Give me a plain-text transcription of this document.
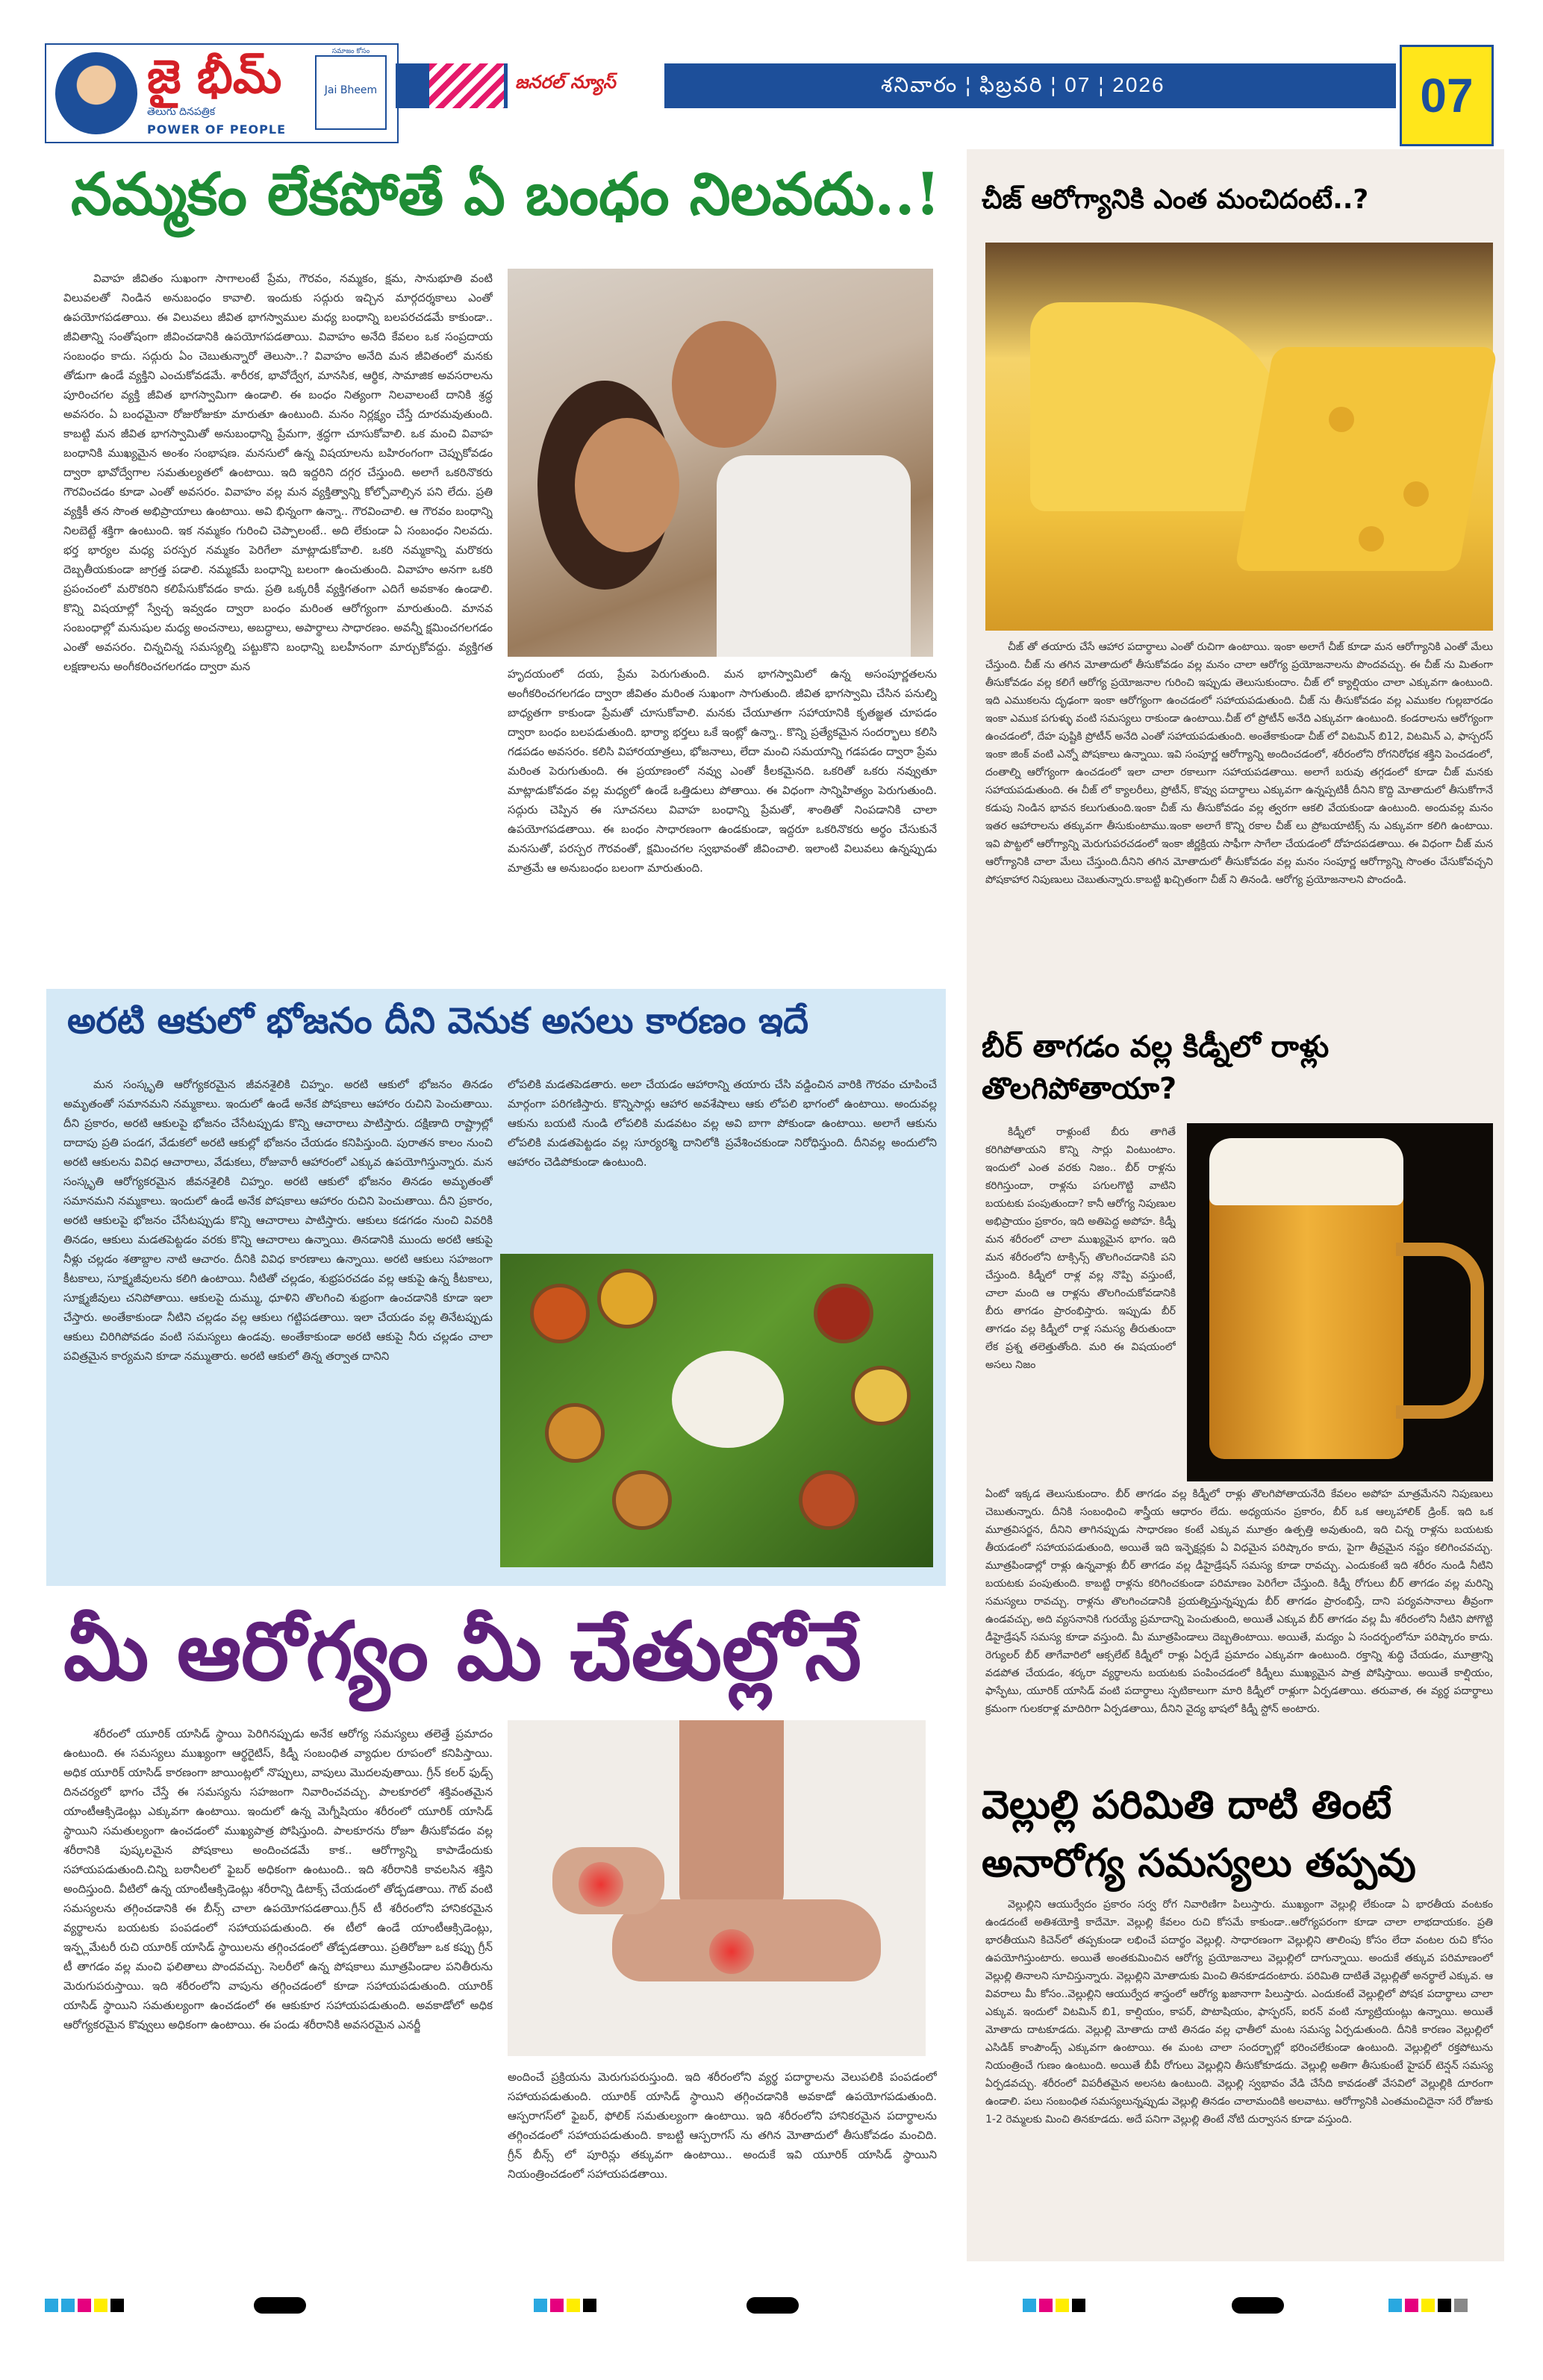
జై భీమ్
తెలుగు దినపత్రిక
POWER OF PEOPLE
సమాజం కోసం
Jai Bheem	జనరల్ న్యూస్	శనివారం ¦ ఫిబ్రవరి ¦ 07 ¦ 2026	07
నమ్మకం లేకపోతే ఏ బంధం నిలవదు..!
వివాహ జీవితం సుఖంగా సాగాలంటే ప్రేమ, గౌరవం, నమ్మకం, క్షమ, సానుభూతి వంటి విలువలతో నిండిన అనుబంధం కావాలి. ఇందుకు సద్గురు ఇచ్చిన మార్గదర్శకాలు ఎంతో ఉపయోగపడతాయి. ఈ విలువలు జీవిత భాగస్వాముల మధ్య బంధాన్ని బలపరచడమే కాకుండా.. జీవితాన్ని సంతోషంగా జీవించడానికి ఉపయోగపడతాయి. వివాహం అనేది కేవలం ఒక సంప్రదాయ సంబంధం కాదు. సద్గురు ఏం చెబుతున్నారో తెలుసా..? వివాహం అనేది మన జీవితంలో మనకు తోడుగా ఉండే వ్యక్తిని ఎంచుకోవడమే. శారీరక, భావోద్వేగ, మానసిక, ఆర్థిక, సామాజిక అవసరాలను పూరించగల వ్యక్తి జీవిత భాగస్వామిగా ఉండాలి. ఈ బంధం నిత్యంగా నిలవాలంటే దానికి శ్రద్ధ అవసరం. ఏ బంధమైనా రోజురోజుకూ మారుతూ ఉంటుంది. మనం నిర్లక్ష్యం చేస్తే దూరమవుతుంది. కాబట్టి మన జీవిత భాగస్వామితో అనుబంధాన్ని ప్రేమగా, శ్రద్ధగా చూసుకోవాలి. ఒక మంచి వివాహ బంధానికి ముఖ్యమైన అంశం సంభాషణ. మనసులో ఉన్న విషయాలను బహిరంగంగా చెప్పుకోవడం ద్వారా భావోద్వేగాల సమతుల్యతలో ఉంటాయి. ఇది ఇద్దరిని దగ్గర చేస్తుంది. అలాగే ఒకరినొకరు గౌరవించడం కూడా ఎంతో అవసరం. వివాహం వల్ల మన వ్యక్తిత్వాన్ని కోల్పోవాల్సిన పని లేదు. ప్రతి వ్యక్తికీ తన సొంత అభిప్రాయాలు ఉంటాయి. అవి భిన్నంగా ఉన్నా.. గౌరవించాలి. ఆ గౌరవం బంధాన్ని నిలబెట్టే శక్తిగా ఉంటుంది. ఇక నమ్మకం గురించి చెప్పాలంటే.. అది లేకుండా ఏ సంబంధం నిలవదు. భర్త భార్యల మధ్య పరస్పర నమ్మకం పెరిగేలా మాట్లాడుకోవాలి. ఒకరి నమ్మకాన్ని మరొకరు దెబ్బతీయకుండా జాగ్రత్త పడాలి. నమ్మకమే బంధాన్ని బలంగా ఉంచుతుంది. వివాహం అనగా ఒకరి ప్రపంచంలో మరొకరిని కలిపేసుకోవడం కాదు. ప్రతి ఒక్కరికీ వ్యక్తిగతంగా ఎదిగే అవకాశం ఉండాలి. కొన్ని విషయాల్లో స్వేచ్ఛ ఇవ్వడం ద్వారా బంధం మరింత ఆరోగ్యంగా మారుతుంది. మానవ సంబంధాల్లో మనుషుల మధ్య అంచనాలు, అబద్ధాలు, అపార్థాలు సాధారణం. అవన్నీ క్షమించగలగడం ఎంతో అవసరం. చిన్నచిన్న సమస్యల్ని పట్టుకొని బంధాన్ని బలహీనంగా మార్చుకోవద్దు. వ్యక్తిగత లక్షణాలను అంగీకరించగలగడం ద్వారా మన
హృదయంలో దయ, ప్రేమ పెరుగుతుంది. మన భాగస్వామిలో ఉన్న అసంపూర్ణతలను అంగీకరించగలగడం ద్వారా జీవితం మరింత సుఖంగా సాగుతుంది. జీవిత భాగస్వామి చేసిన పనుల్ని బాధ్యతగా కాకుండా ప్రేమతో చూసుకోవాలి. మనకు చేయూతగా సహాయానికి కృతజ్ఞత చూపడం ద్వారా బంధం బలపడుతుంది. భార్యా భర్తలు ఒకే ఇంట్లో ఉన్నా.. కొన్ని ప్రత్యేకమైన సందర్భాలు కలిసి గడపడం అవసరం. కలిసి విహారయాత్రలు, భోజనాలు, లేదా మంచి సమయాన్ని గడపడం ద్వారా ప్రేమ మరింత పెరుగుతుంది. ఈ ప్రయాణంలో నవ్వు ఎంతో కీలకమైనది. ఒకరితో ఒకరు నవ్వుతూ మాట్లాడుకోవడం వల్ల మధ్యలో ఉండే ఒత్తిడులు పోతాయి. ఈ విధంగా సాన్నిహిత్యం పెరుగుతుంది. సద్గురు చెప్పిన ఈ సూచనలు వివాహ బంధాన్ని ప్రేమతో, శాంతితో నింపడానికి చాలా ఉపయోగపడతాయి. ఈ బంధం సాధారణంగా ఉండకుండా, ఇద్దరూ ఒకరినొకరు అర్థం చేసుకునే మనసుతో, పరస్పర గౌరవంతో, క్షమించగల స్వభావంతో జీవించాలి. ఇలాంటి విలువలు ఉన్నప్పుడు మాత్రమే ఆ అనుబంధం బలంగా మారుతుంది.
అరటి ఆకులో భోజనం దీని వెనుక అసలు కారణం ఇదే
మన సంస్కృతి ఆరోగ్యకరమైన జీవనశైలికి చిహ్నం. అరటి ఆకులో భోజనం తినడం అమృతంతో సమానమని నమ్మకాలు. ఇందులో ఉండే అనేక పోషకాలు ఆహారం రుచిని పెంచుతాయి. దీని ప్రకారం, అరటి ఆకులపై భోజనం చేసేటప్పుడు కొన్ని ఆచారాలు పాటిస్తారు. దక్షిణాది రాష్ట్రాల్లో దాదాపు ప్రతి పండగ, వేడుకలో అరటి ఆకుల్లో భోజనం చేయడం కనిపిస్తుంది. పురాతన కాలం నుంచి అరటి ఆకులను వివిధ ఆచారాలు, వేడుకలు, రోజువారీ ఆహారంలో ఎక్కువ ఉపయోగిస్తున్నారు. మన సంస్కృతి ఆరోగ్యకరమైన జీవనశైలికి చిహ్నం. అరటి ఆకులో భోజనం తినడం అమృతంతో సమానమని నమ్మకాలు. ఇందులో ఉండే అనేక పోషకాలు ఆహారం రుచిని పెంచుతాయి. దీని ప్రకారం, అరటి ఆకులపై భోజనం చేసేటప్పుడు కొన్ని ఆచారాలు పాటిస్తారు. ఆకులు కడగడం నుంచి వివరికి తినడం, ఆకులు మడతపెట్టడం వరకు కొన్ని ఆచారాలు ఉన్నాయి. తినడానికి ముందు అరటి ఆకుపై నీళ్లు చల్లడం శతాబ్దాల నాటి ఆచారం. దీనికి వివిధ కారణాలు ఉన్నాయి. అరటి ఆకులు సహజంగా కీటకాలు, సూక్ష్మజీవులను కలిగి ఉంటాయి. నీటితో చల్లడం, శుభ్రపరచడం వల్ల ఆకుపై ఉన్న కీటకాలు, సూక్ష్మజీవులు చనిపోతాయి. ఆకులపై దుమ్ము, ధూళిని తొలగించి శుభ్రంగా ఉంచడానికి కూడా ఇలా చేస్తారు. అంతేకాకుండా నీటిని చల్లడం వల్ల ఆకులు గట్టిపడతాయి. ఇలా చేయడం వల్ల తినేటప్పుడు ఆకులు చిరిగిపోవడం వంటి సమస్యలు ఉండవు. అంతేకాకుండా అరటి ఆకుపై నీరు చల్లడం చాలా పవిత్రమైన కార్యమని కూడా నమ్ముతారు. అరటి ఆకులో తిన్న తర్వాత దానిని
లోపలికి మడతపెడతారు. అలా చేయడం ఆహారాన్ని తయారు చేసి వడ్డించిన వారికి గౌరవం చూపించే మార్గంగా పరిగణిస్తారు. కొన్నిసార్లు ఆహార అవశేషాలు ఆకు లోపలి భాగంలో ఉంటాయి. అందువల్ల ఆకును బయటి నుండి లోపలికి మడవటం వల్ల అవి బాగా పోకుండా ఉంటాయి. అలాగే ఆకును లోపలికి మడతపెట్టడం వల్ల సూర్యరశ్మి దానిలోకి ప్రవేశించకుండా నిరోధిస్తుంది. దీనివల్ల అందులోని ఆహారం చెడిపోకుండా ఉంటుంది.
మీ ఆరోగ్యం మీ చేతుల్లోనే
శరీరంలో యూరిక్ యాసిడ్ స్థాయి పెరిగినప్పుడు అనేక ఆరోగ్య సమస్యలు తలెత్తే ప్రమాదం ఉంటుంది. ఈ సమస్యలు ముఖ్యంగా ఆర్థరైటిస్, కిడ్నీ సంబంధిత వ్యాధుల రూపంలో కనిపిస్తాయి. అధిక యూరిక్ యాసిడ్ కారణంగా జాయింట్లలో నొప్పులు, వాపులు మొదలవుతాయి. గ్రీన్ కలర్ ఫుడ్స్ దినచర్యలో భాగం చేస్తే ఈ సమస్యను సహజంగా నివారించవచ్చు. పాలకూరలో శక్తివంతమైన యాంటీఆక్సిడెంట్లు ఎక్కువగా ఉంటాయి. ఇందులో ఉన్న మెగ్నీషియం శరీరంలో యూరిక్ యాసిడ్ స్థాయిని సమతుల్యంగా ఉంచడంలో ముఖ్యపాత్ర పోషిస్తుంది. పాలకూరను రోజూ తీసుకోవడం వల్ల శరీరానికి పుష్కలమైన పోషకాలు అందించడమే కాక.. ఆరోగ్యాన్ని కాపాడేందుకు సహాయపడుతుంది.చిన్ని బఠానీలలో ఫైబర్ అధికంగా ఉంటుంది.. ఇది శరీరానికి కావలసిన శక్తిని అందిస్తుంది. వీటిలో ఉన్న యాంటీఆక్సిడెంట్లు శరీరాన్ని డిటాక్స్ చేయడంలో తోడ్పడతాయి. గౌట్ వంటి సమస్యలను తగ్గించడానికి ఈ బీన్స్ చాలా ఉపయోగపడతాయి.గ్రీన్ టీ శరీరంలోని హానికరమైన వ్యర్థాలను బయటకు పంపడంలో సహాయపడుతుంది. ఈ టీలో ఉండే యాంటీఆక్సిడెంట్లు, ఇన్ఫ్లమేటరీ రుచి యూరిక్ యాసిడ్ స్థాయిలను తగ్గించడంలో తోడ్పడతాయి. ప్రతిరోజూ ఒక కప్పు గ్రీన్ టీ తాగడం వల్ల మంచి ఫలితాలు పొందవచ్చు. సెలరీలో ఉన్న పోషకాలు మూత్రపిండాల పనితీరును మెరుగుపరుస్తాయి. ఇది శరీరంలోని వాపును తగ్గించడంలో కూడా సహాయపడుతుంది. యూరిక్ యాసిడ్ స్థాయిని సమతుల్యంగా ఉంచడంలో ఈ ఆకుకూర సహాయపడుతుంది. అవకాడోలో అధిక ఆరోగ్యకరమైన కొవ్వులు అధికంగా ఉంటాయి. ఈ పండు శరీరానికి అవసరమైన ఎనర్జీ
అందించే ప్రక్రియను మెరుగుపరుస్తుంది. ఇది శరీరంలోని వ్యర్థ పదార్థాలను వెలుపలికి పంపడంలో సహాయపడుతుంది. యూరిక్ యాసిడ్ స్థాయిని తగ్గించడానికి అవకాడో ఉపయోగపడుతుంది. ఆస్పరాగస్‌లో ఫైబర్, ఫోలిక్ సమతుల్యంగా ఉంటాయి. ఇది శరీరంలోని హానికరమైన పదార్థాలను తగ్గించడంలో సహాయపడుతుంది. కాబట్టి ఆస్పరాగస్ ను తగిన మోతాదులో తీసుకోవడం మంచిది. గ్రీన్ బీన్స్ లో పూరిన్లు తక్కువగా ఉంటాయి.. అందుకే ఇవి యూరిక్ యాసిడ్ స్థాయిని నియంత్రించడంలో సహాయపడతాయి.
చీజ్ ఆరోగ్యానికి ఎంత మంచిదంటే..?
చీజ్ తో తయారు చేసే ఆహార పదార్థాలు ఎంతో రుచిగా ఉంటాయి. ఇంకా అలాగే చీజ్ కూడా మన ఆరోగ్యానికి ఎంతో మేలు చేస్తుంది. చీజ్ ను తగిన మోతాదులో తీసుకోవడం వల్ల మనం చాలా ఆరోగ్య ప్రయోజనాలను పొందవచ్చు. ఈ చీజ్ ను మితంగా తీసుకోవడం వల్ల కలిగే ఆరోగ్య ప్రయోజనాల గురించి ఇప్పుడు తెలుసుకుందాం. చీజ్ లో క్యాల్షియం చాలా ఎక్కువగా ఉంటుంది. ఇది ఎముకలను దృఢంగా ఇంకా ఆరోగ్యంగా ఉంచడంలో సహాయపడుతుంది. చీజ్ ను తీసుకోవడం వల్ల ఎముకల గుల్లబారడం ఇంకా ఎముక పగుళ్ళు వంటి సమస్యలు రాకుండా ఉంటాయి.చీజ్ లో ప్రోటీన్ అనేది ఎక్కువగా ఉంటుంది. కండరాలను ఆరోగ్యంగా ఉంచడంలో, దేహ పుష్టికి ప్రోటీన్ అనేది ఎంతో సహాయపడుతుంది. అంతేకాకుండా చీజ్ లో విటమిన్ బి12, విటమిన్ ఎ, ఫాస్పరస్ ఇంకా జింక్ వంటి ఎన్నో పోషకాలు ఉన్నాయి. ఇవి సంపూర్ణ ఆరోగ్యాన్ని అందించడంలో, శరీరంలోని రోగనిరోధక శక్తిని పెంచడంలో, దంతాల్ని ఆరోగ్యంగా ఉంచడంలో ఇలా చాలా రకాలుగా సహాయపడతాయి. అలాగే బరువు తగ్గడంలో కూడా చీజ్ మనకు సహాయపడుతుంది. ఈ చీజ్ లో క్యాలరీలు, ప్రోటీన్, కొవ్వు పదార్థాలు ఎక్కువగా ఉన్నప్పటికీ దీనిని కొద్ది మోతాదులో తీసుకోగానే కడుపు నిండిన భావన కలుగుతుంది.ఇంకా చీజ్ ను తీసుకోవడం వల్ల త్వరగా ఆకలి వేయకుండా ఉంటుంది. అందువల్ల మనం ఇతర ఆహారాలను తక్కువగా తీసుకుంటాము.ఇంకా అలాగే కొన్ని రకాల చీజ్ లు ప్రోబయాటిక్స్ ను ఎక్కువగా కలిగి ఉంటాయి. ఇవి పొట్టలో ఆరోగ్యాన్ని మెరుగుపరచడంలో ఇంకా జీర్ణక్రియ సాఫీగా సాగేలా చేయడంలో దోహదపడతాయి. ఈ విధంగా చీజ్ మన ఆరోగ్యానికి చాలా మేలు చేస్తుంది.దీనిని తగిన మోతాదులో తీసుకోవడం వల్ల మనం సంపూర్ణ ఆరోగ్యాన్ని సొంతం చేసుకోవచ్చని పోషకాహార నిపుణులు చెబుతున్నారు.కాబట్టి ఖచ్చితంగా చీజ్ ని తినండి. ఆరోగ్య ప్రయోజనాలని పొందండి.
బీర్ తాగడం వల్ల కిడ్నీలో రాళ్లు తొలగిపోతాయా?
కిడ్నీలో రాళ్లుంటే బీరు తాగితే కరిగిపోతాయని కొన్ని సార్లు వింటుంటాం. ఇందులో ఎంత వరకు నిజం.. బీర్ రాళ్లను కరిగిస్తుందా, రాళ్లను పగులగొట్టి వాటిని బయటకు పంపుతుందా? కానీ ఆరోగ్య నిపుణుల అభిప్రాయం ప్రకారం, ఇది అతిపెద్ద అపోహ. కిడ్నీ మన శరీరంలో చాలా ముఖ్యమైన భాగం. ఇది మన శరీరంలోని టాక్సిన్స్ తొలగించడానికి పని చేస్తుంది. కిడ్నీలో రాళ్ల వల్ల నొప్పి వస్తుంటే, చాలా మంది ఆ రాళ్లను తొలగించుకోవడానికి బీరు తాగడం ప్రారంభిస్తారు. ఇప్పుడు బీర్ తాగడం వల్ల కిడ్నీలో రాళ్ల సమస్య తీరుతుందా లేక ప్రశ్న తలెత్తుతోంది. మరి ఈ విషయంలో అసలు నిజం
ఏంటో ఇక్కడ తెలుసుకుందాం. బీర్ తాగడం వల్ల కిడ్నీలో రాళ్లు తొలగిపోతాయనేది కేవలం అపోహ మాత్రమేనని నిపుణులు చెబుతున్నారు. దీనికి సంబంధించి శాస్త్రీయ ఆధారం లేదు. అధ్యయనం ప్రకారం, బీర్ ఒక ఆల్కహాలిక్ డ్రింక్. ఇది ఒక మూత్రవిసర్జన, దీనిని తాగినప్పుడు సాధారణం కంటే ఎక్కువ మూత్రం ఉత్పత్తి అవుతుంది, ఇది చిన్న రాళ్లను బయటకు తీయడంలో సహాయపడుతుంది, అయితే ఇది ఇన్ఫెక్షన్లకు ఏ విధమైన పరిష్కారం కాదు, పైగా తీవ్రమైన నష్టం కలిగించవచ్చు. మూత్రపిండాల్లో రాళ్లు ఉన్నవాళ్లు బీర్ తాగడం వల్ల డీహైడ్రేషన్ సమస్య కూడా రావచ్చు. ఎందుకంటే ఇది శరీరం నుండి నీటిని బయటకు పంపుతుంది. కాబట్టి రాళ్లను కరిగించకుండా పరిమాణం పెరిగేలా చేస్తుంది. కిడ్నీ రోగులు బీర్ తాగడం వల్ల మరిన్ని సమస్యలు రావచ్చు. రాళ్లను తొలగించడానికి ప్రయత్నిస్తున్నప్పుడు బీర్ తాగడం ప్రారంభిస్తే, దాని పర్యవసానాలు తీవ్రంగా ఉండవచ్చు, అది వ్యసనానికి గురయ్యే ప్రమాదాన్ని పెంచుతుంది, అయితే ఎక్కువ బీర్ తాగడం వల్ల మీ శరీరంలోని నీటిని పోగొట్టి డీహైడ్రేషన్ సమస్య కూడా వస్తుంది. మీ మూత్రపిండాలు దెబ్బతింటాయి. అయితే, మద్యం ఏ సందర్భంలోనూ పరిష్కారం కాదు. రెగ్యులర్ బీర్ తాగేవారిలో ఆక్సలేట్ కిడ్నీలో రాళ్లు ఏర్పడే ప్రమాదం ఎక్కువగా ఉంటుంది. రక్తాన్ని శుద్ధి చేయడం, మూత్రాన్ని వడపోత చేయడం, శర్కరా వ్యర్థాలను బయటకు పంపించడంలో కిడ్నీలు ముఖ్యమైన పాత్ర పోషిస్తాయి. అయితే కాల్షియం, ఫాస్ఫేటు, యూరిక్ యాసిడ్ వంటి పదార్థాలు స్ఫటికాలుగా మారి కిడ్నీలో రాళ్లుగా ఏర్పడతాయి. తరువాత, ఈ వ్యర్థ పదార్థాలు క్రమంగా గులకరాళ్ల మాదిరిగా ఏర్పడతాయి, దీనిని వైద్య భాషలో కిడ్నీ స్టోన్ అంటారు.
వెల్లుల్లి పరిమితి దాటి తింటే అనారోగ్య సమస్యలు తప్పవు
వెల్లుల్లిని ఆయుర్వేదం ప్రకారం సర్వ రోగ నివారిణిగా పిలుస్తారు. ముఖ్యంగా వెల్లుల్లి లేకుండా ఏ భారతీయ వంటకం ఉండదంటే అతిశయోక్తి కాదేమో. వెల్లుల్లి కేవలం రుచి కోసమే కాకుండా..ఆరోగ్యపరంగా కూడా చాలా లాభదాయకం. ప్రతి భారతీయుని కిచెన్‌లో తప్పకుండా లభించే పదార్థం వెల్లుల్లి. సాధారణంగా వెల్లుల్లిని తాలింపు కోసం లేదా వంటల రుచి కోసం ఉపయోగిస్తుంటారు. అయితే అంతకుమించిన ఆరోగ్య ప్రయోజనాలు వెల్లుల్లిలో దాగున్నాయి. అందుకే తక్కువ పరిమాణంలో వెల్లుల్లి తినాలని సూచిస్తున్నారు. వెల్లుల్లిని మోతాదుకు మించి తినకూడదంటారు. పరిమితి దాటితే వెల్లుల్లితో అనర్థాలే ఎక్కువ. ఆ వివరాలు మీ కోసం..వెల్లుల్లిని ఆయుర్వేద శాస్త్రంలో ఆరోగ్య ఖజానాగా పిలుస్తారు. ఎందుకంటే వెల్లుల్లిలో పోషక పదార్థాలు చాలా ఎక్కువ. ఇందులో విటమిన్ బి1, కాల్షియం, కాపర్, పొటాషియం, ఫాస్ఫరస్, ఐరన్ వంటి న్యూట్రియంట్లు ఉన్నాయి. అయితే మోతాదు దాటకూడదు. వెల్లుల్లి మోతాదు దాటి తినడం వల్ల ఛాతీలో మంట సమస్య ఏర్పడుతుంది. దీనికి కారణం వెల్లుల్లిలో ఎసిడిక్ కాంపౌండ్స్ ఎక్కువగా ఉంటాయి. ఈ మంట చాలా సందర్భాల్లో భరించలేకుండా ఉంటుంది. వెల్లుల్లిలో రక్తపోటును నియంత్రించే గుణం ఉంటుంది. అయితే బీపీ రోగులు వెల్లుల్లిని తీసుకోకూడదు. వెల్లుల్లి అతిగా తీసుకుంటే హైపర్ టెన్షన్ సమస్య ఏర్పడవచ్చు. శరీరంలో విపరీతమైన అలసట ఉంటుంది. వెల్లుల్లి స్వభావం వేడి చేసేది కావడంతో వేసవిలో వెల్లుల్లికి దూరంగా ఉండాలి. పలు సంబంధిత సమస్యలున్నప్పుడు వెల్లుల్లి తినడం చాలామందికి అలవాటు. ఆరోగ్యానికి ఎంతమంచిదైనా సరే రోజుకు 1-2 రెమ్మలకు మించి తినకూడదు. అదే పనిగా వెల్లుల్లి తింటే నోటి దుర్వాసన కూడా వస్తుంది.
